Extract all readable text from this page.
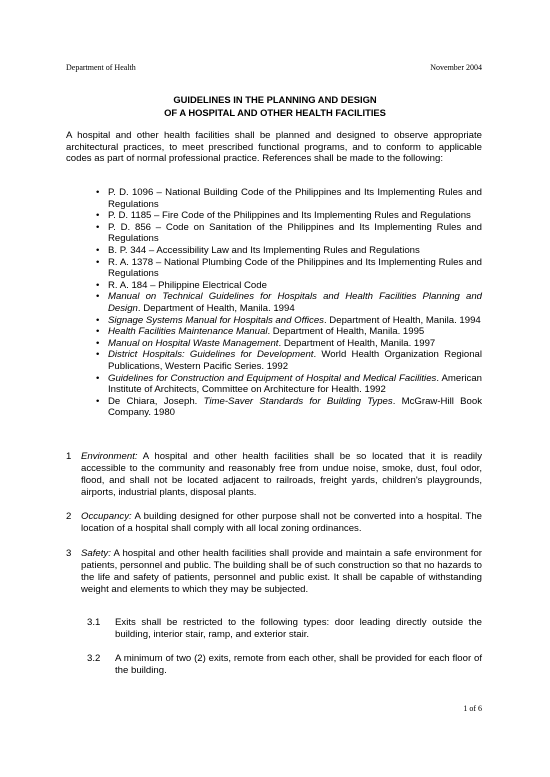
Department of Health	November 2004
GUIDELINES IN THE PLANNING AND DESIGN
OF A HOSPITAL AND OTHER HEALTH FACILITIES
A hospital and other health facilities shall be planned and designed to observe appropriate architectural practices, to meet prescribed functional programs, and to conform to applicable codes as part of normal professional practice. References shall be made to the following:
• P. D. 1096 – National Building Code of the Philippines and Its Implementing Rules and Regulations
• P. D. 1185 – Fire Code of the Philippines and Its Implementing Rules and Regulations
• P. D. 856 – Code on Sanitation of the Philippines and Its Implementing Rules and Regulations
• B. P. 344 – Accessibility Law and Its Implementing Rules and Regulations
• R. A. 1378 – National Plumbing Code of the Philippines and Its Implementing Rules and Regulations
• R. A. 184 – Philippine Electrical Code
• Manual on Technical Guidelines for Hospitals and Health Facilities Planning and Design. Department of Health, Manila. 1994
• Signage Systems Manual for Hospitals and Offices. Department of Health, Manila. 1994
• Health Facilities Maintenance Manual. Department of Health, Manila. 1995
• Manual on Hospital Waste Management. Department of Health, Manila. 1997
• District Hospitals: Guidelines for Development. World Health Organization Regional Publications, Western Pacific Series. 1992
• Guidelines for Construction and Equipment of Hospital and Medical Facilities. American Institute of Architects, Committee on Architecture for Health. 1992
• De Chiara, Joseph. Time-Saver Standards for Building Types. McGraw-Hill Book Company. 1980
1 Environment: A hospital and other health facilities shall be so located that it is readily accessible to the community and reasonably free from undue noise, smoke, dust, foul odor, flood, and shall not be located adjacent to railroads, freight yards, children's playgrounds, airports, industrial plants, disposal plants.
2 Occupancy: A building designed for other purpose shall not be converted into a hospital. The location of a hospital shall comply with all local zoning ordinances.
3 Safety: A hospital and other health facilities shall provide and maintain a safe environment for patients, personnel and public. The building shall be of such construction so that no hazards to the life and safety of patients, personnel and public exist. It shall be capable of withstanding weight and elements to which they may be subjected.
3.1 Exits shall be restricted to the following types: door leading directly outside the building, interior stair, ramp, and exterior stair.
3.2 A minimum of two (2) exits, remote from each other, shall be provided for each floor of the building.
1 of 6
